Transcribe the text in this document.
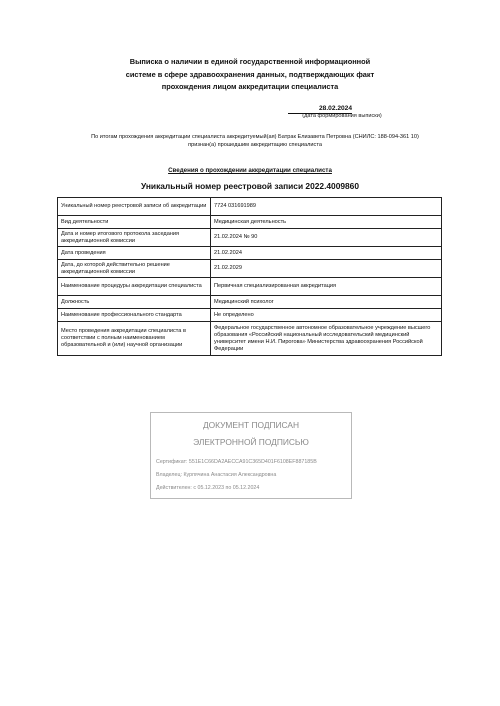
Выписка о наличии в единой государственной информационной
системе в сфере здравоохранения данных, подтверждающих факт
прохождения лицом аккредитации специалиста
28.02.2024
(дата формирования выписки)
По итогам прохождения аккредитации специалиста аккредитуемый(ая) Батрак Елизавета Петровна (СНИЛС: 188-094-361 10)
признан(а) прошедшим аккредитацию специалиста
Сведения о прохождении аккредитации специалиста
Уникальный номер реестровой записи 2022.4009860
Уникальный номер реестровой записи об аккредитации	7724 031691989
Вид деятельности	Медицинская деятельность
Дата и номер итогового протокола заседания аккредитационной комиссии	21.02.2024 № 90
Дата проведения	21.02.2024
Дата, до которой действительно решение аккредитационной комиссии	21.02.2029
Наименование процедуры аккредитации специалиста	Первичная специализированная аккредитация
Должность	Медицинский психолог
Наименование профессионального стандарта	Не определено
Место проведения аккредитации специалиста в соответствии с полным наименованием образовательной и (или) научной организации	Федеральное государственное автономное образовательное учреждение высшего образования «Российский национальный исследовательский медицинский университет имени Н.И. Пирогова» Министерства здравоохранения Российской Федерации
ДОКУМЕНТ ПОДПИСАН
ЭЛЕКТРОННОЙ ПОДПИСЬЮ
Сертификат: 551E1C66DA2AECCA91C365D401F6108EF887185B
Владелец: Курпячина Анастасия Александровна
Действителен: с 05.12.2023 по 05.12.2024
